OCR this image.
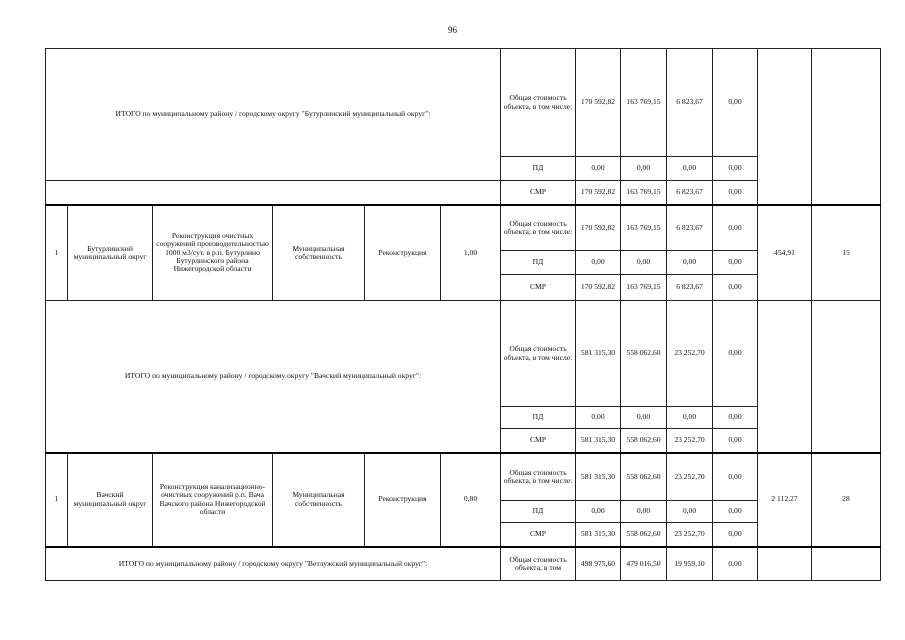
96
ИТОГО по муниципальному району / городскому округу "Бутурлинский муниципальный округ":						Общая стоимость объекта, в том числе:	170 592,82	163 769,15	6 823,67	0,00		
						ПД	0,00	0,00	0,00	0,00		
						СМР	170 592,82	163 769,15	6 823,67	0,00		
1	Бутурлинский муниципальный округ	Реконструкция очистных сооружений производительностью 1000 м3/сут. в р.п. Бутурлино Бутурлинского района Нижегородской области	Муниципальная собственность	Реконструкция	1,00	Общая стоимость объекта, в том числе:	170 592,82	163 769,15	6 823,67	0,00	454,91	15
						ПД	0,00	0,00	0,00	0,00		
						СМР	170 592,82	163 769,15	6 823,67	0,00		
ИТОГО по муниципальному району / городскому округу "Вачский муниципальный округ":						Общая стоимость объекта, в том числе:	581 315,30	558 062,60	23 252,70	0,00		
						ПД	0,00	0,00	0,00	0,00		
						СМР	581 315,30	558 062,60	23 252,70	0,00		
1	Вачский муниципальный округ	Реконструкция канализационно-очистных сооружений р.п. Вача Вачского района Нижегородской области	Муниципальная собственность	Реконструкция	0,80	Общая стоимость объекта, в том числе:	581 315,30	558 062,60	23 252,70	0,00	2 112,27	28
						ПД	0,00	0,00	0,00	0,00		
						СМР	581 315,30	558 062,60	23 252,70	0,00		
ИТОГО по муниципальному району / городскому округу "Ветлужский муниципальный округ":						Общая стоимость объекта, в том	498 975,60	479 016,50	19 959,10	0,00		
